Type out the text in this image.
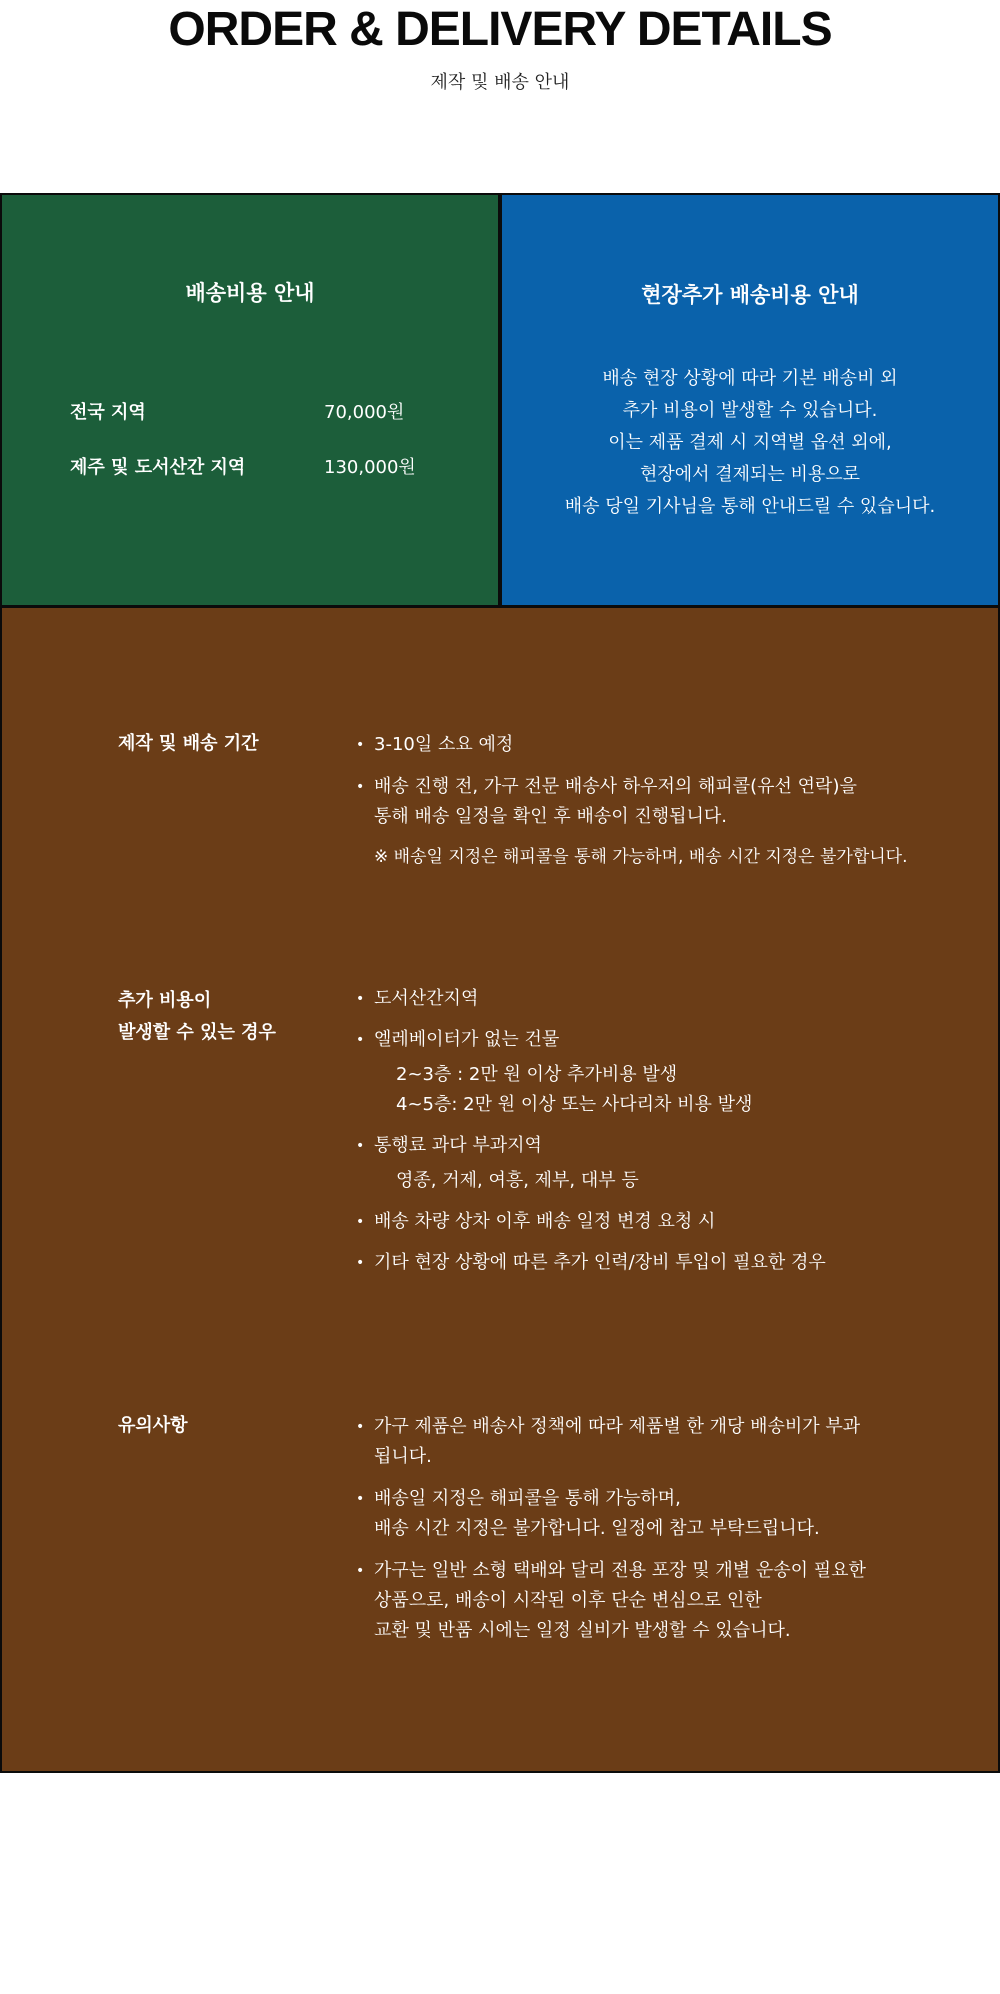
ORDER & DELIVERY DETAILS

제작 및 배송 안내

배송비용 안내
전국 지역	70,000원
제주 및 도서산간 지역	130,000원
현장추가 배송비용 안내

배송 현장 상황에 따라 기본 배송비 외
추가 비용이 발생할 수 있습니다.
이는 제품 결제 시 지역별 옵션 외에,
현장에서 결제되는 비용으로
배송 당일 기사님을 통해 안내드릴 수 있습니다.

제작 및 배송 기간	• 3-10일 소요 예정
• 배송 진행 전, 가구 전문 배송사 하우저의 해피콜(유선 연락)을
통해 배송 일정을 확인 후 배송이 진행됩니다.
※ 배송일 지정은 해피콜을 통해 가능하며, 배송 시간 지정은 불가합니다.
추가 비용이
발생할 수 있는 경우
• 도서산간지역
• 엘레베이터가 없는 건물
2~3층 : 2만 원 이상 추가비용 발생
4~5층: 2만 원 이상 또는 사다리차 비용 발생
• 통행료 과다 부과지역
영종, 거제, 여흥, 제부, 대부 등
• 배송 차량 상차 이후 배송 일정 변경 요청 시
• 기타 현장 상황에 따른 추가 인력/장비 투입이 필요한 경우
유의사항	• 가구 제품은 배송사 정책에 따라 제품별 한 개당 배송비가 부과
됩니다.
• 배송일 지정은 해피콜을 통해 가능하며,
배송 시간 지정은 불가합니다. 일정에 참고 부탁드립니다.
• 가구는 일반 소형 택배와 달리 전용 포장 및 개별 운송이 필요한
상품으로, 배송이 시작된 이후 단순 변심으로 인한
교환 및 반품 시에는 일정 실비가 발생할 수 있습니다.
